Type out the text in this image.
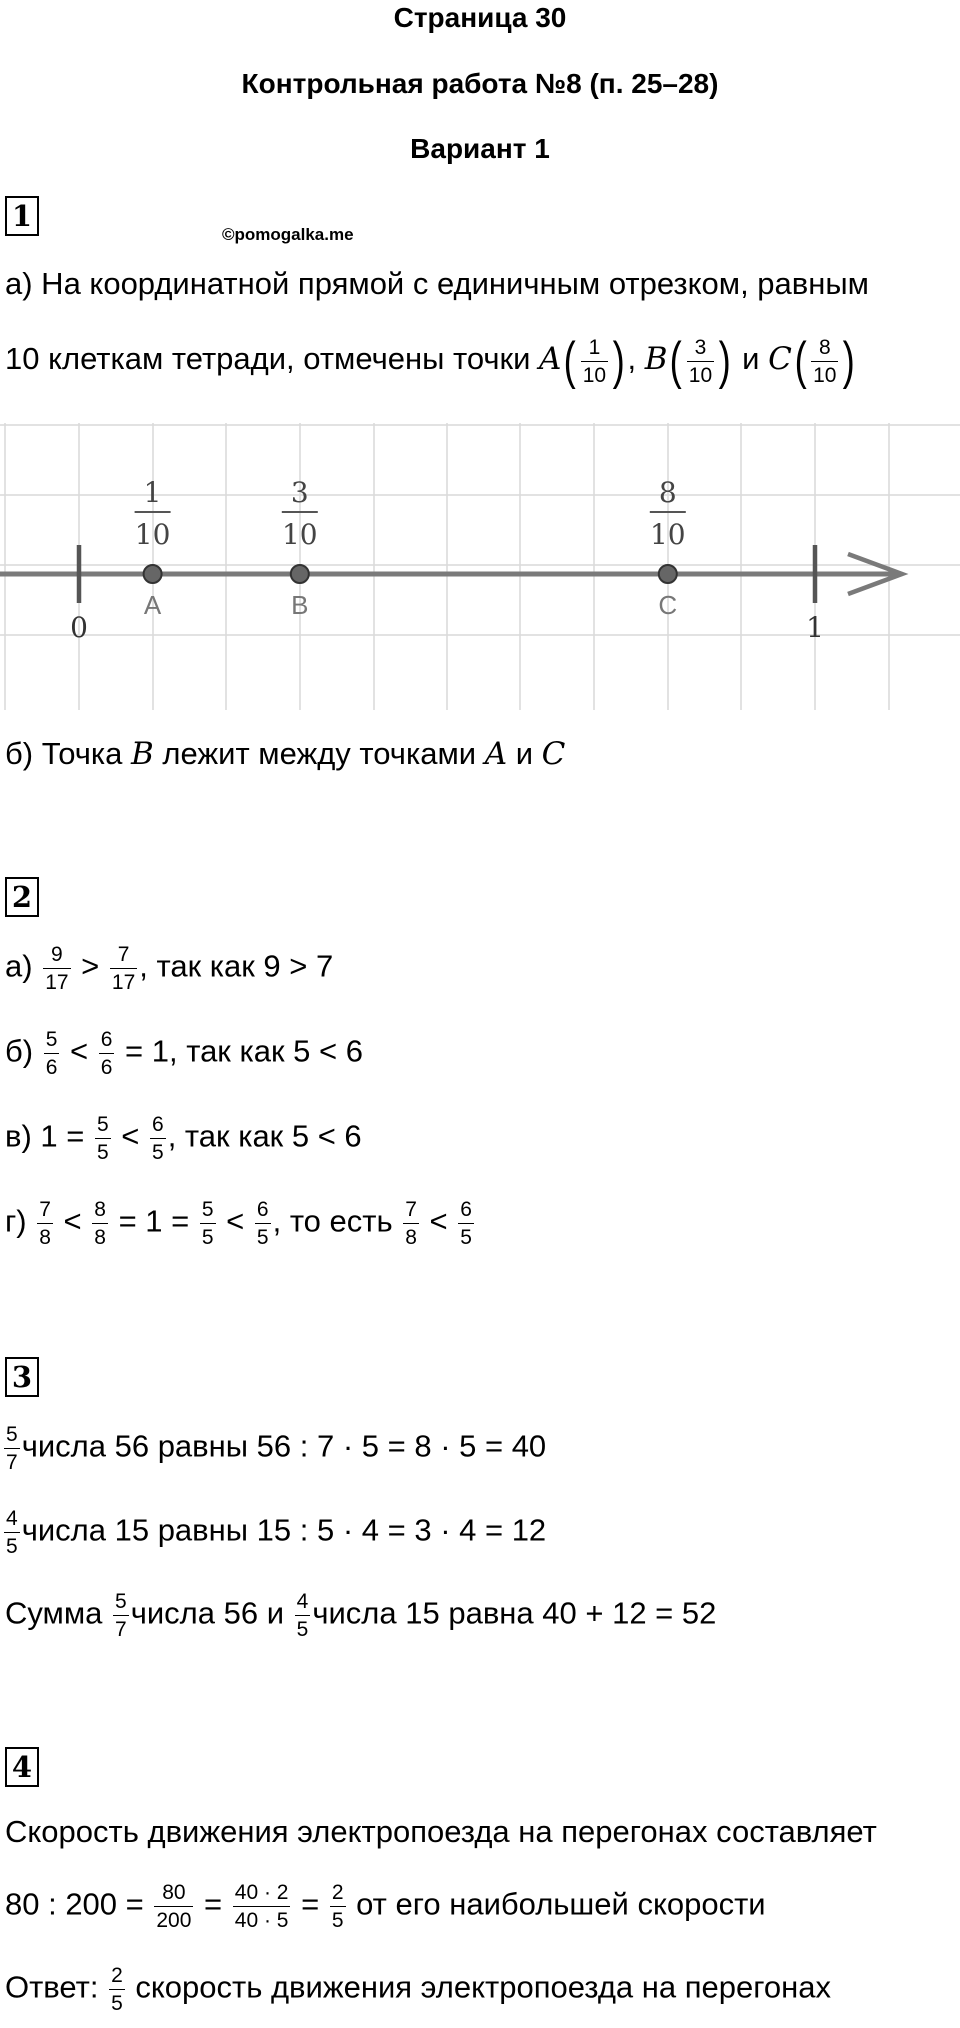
Страница 30
Контрольная работа №8 (п. 25–28)
Вариант 1
1
©pomogalka.me
а) На координатной прямой с единичным отрезком, равным
10 клеткам тетради, отмечены точки $A( \frac{1}{10}$ ), $B( \frac{3}{10}$ ) и $C( \frac{8}{10}$ )
0	1
A
1
10
B
3
10
C
8
10
б) Точка B лежит между точками A и C
2
$а) \frac{9}{17} > \frac{7}{17}$ , так как 9 > 7
$б) \frac{5}{6} < \frac{6}{6} = 1$, так как 5 < 6
в) $1 = \frac{5}{5} < \frac{6}{5}$ , так как 5 < 6
$г) \frac{7}{8} < \frac{8}{8} = 1 = \frac{5}{5} < \frac{6}{5}$ , то есть $\frac{7}{8} < \frac{6}{5}$
3
$\frac{5}{7}$ числа 56 равны 56 : 7 · 5 = 8 · 5 = 40
$\frac{4}{5}$ числа 15 равны 15 : 5 · 4 = 3 · 4 = 12
Сумма $\frac{5}{7}$ числа 56 и $\frac{4}{5}$ числа 15 равна 40 + 12 = 52
4
Скорость движения электропоезда на перегонах составляет
80 : $200 = \frac{80}{200} = \frac{40 \cdot 2}{40 \cdot 5} = \frac{2}{5}$ от его наибольшей скорости
Ответ: $\frac{2}{5}$ скорость движения электропоезда на перегонах
